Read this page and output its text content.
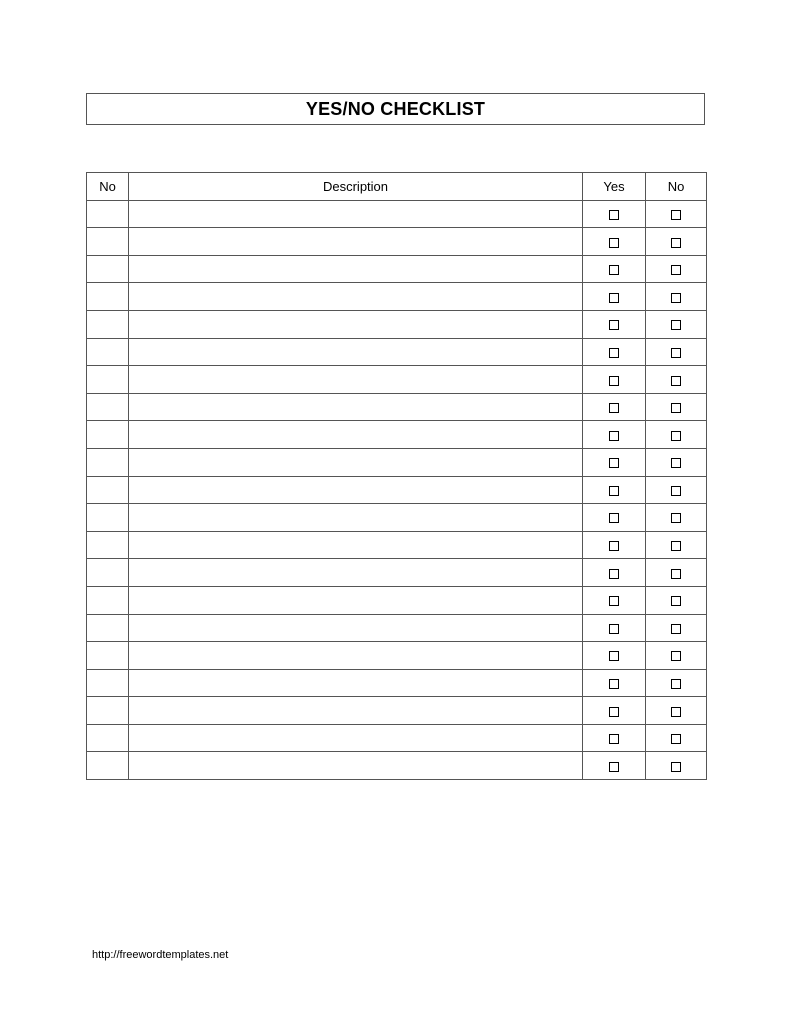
YES/NO CHECKLIST
No	Description	Yes	No

http://freewordtemplates.net
